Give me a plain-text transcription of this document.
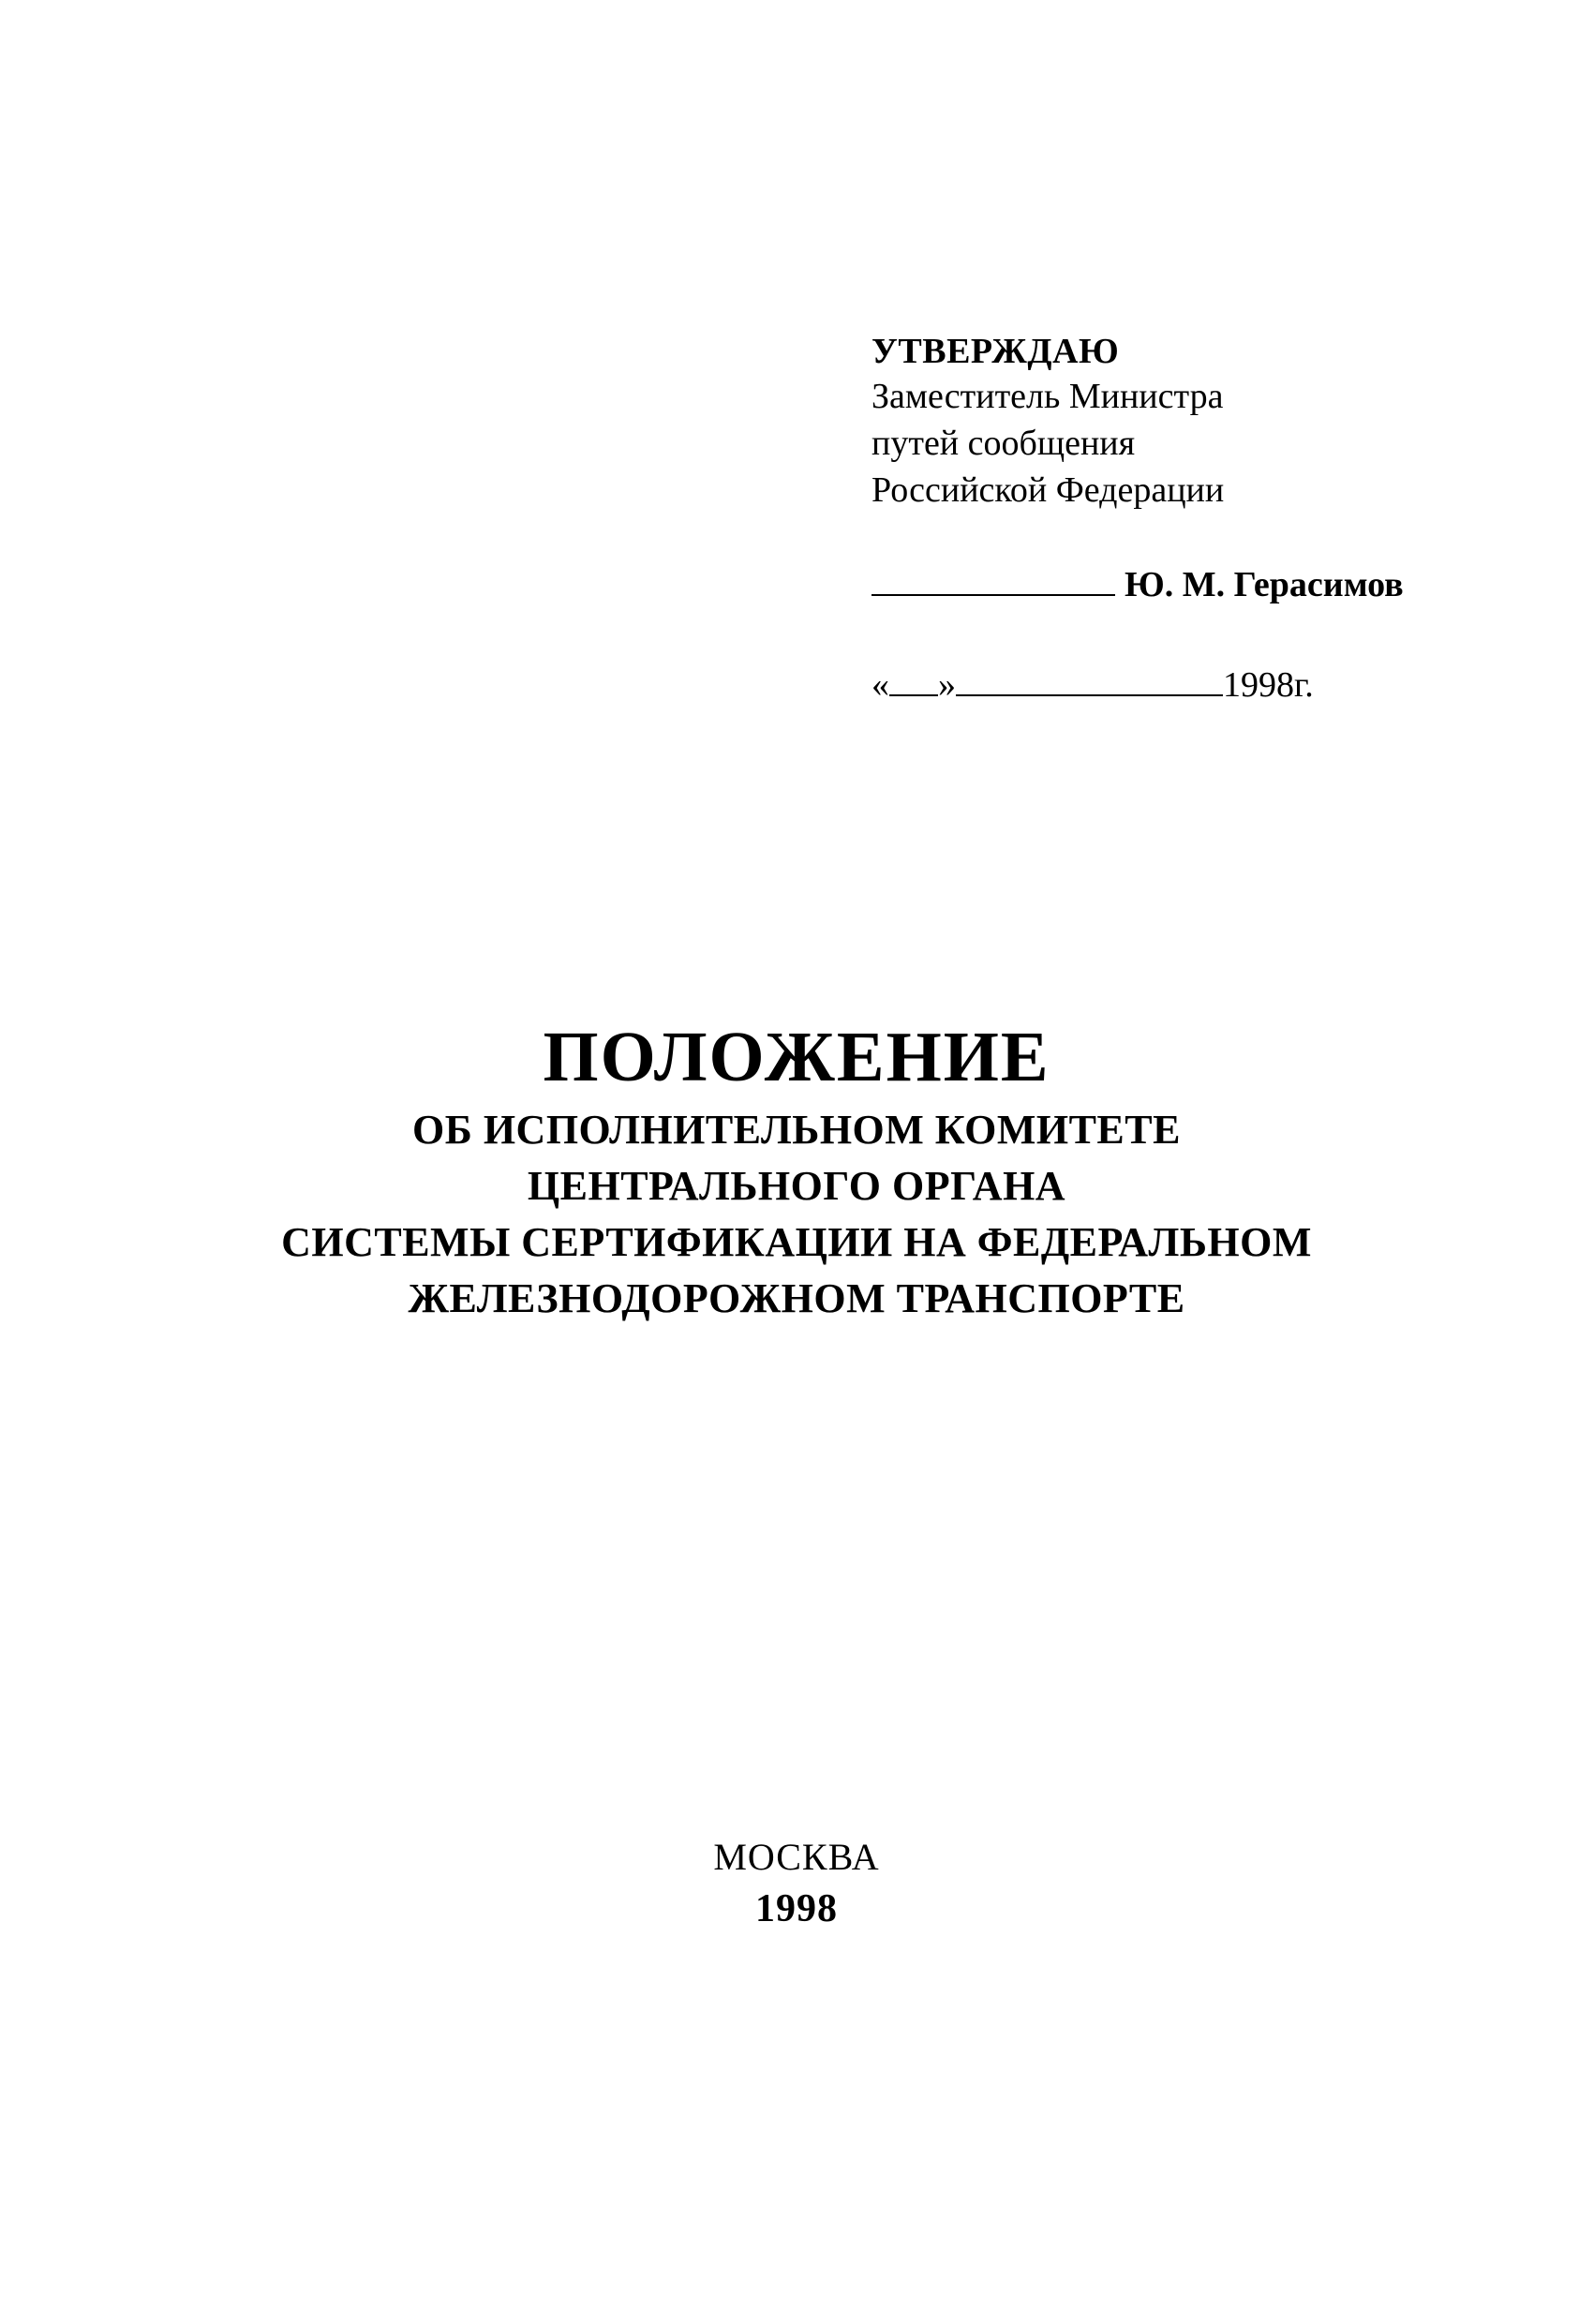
УТВЕРЖДАЮ
Заместитель Министра
путей сообщения
Российской Федерации
Ю. М. Герасимов
« »	1998г.
ПОЛОЖЕНИЕ
ОБ ИСПОЛНИТЕЛЬНОМ КОМИТЕТЕ
ЦЕНТРАЛЬНОГО ОРГАНА
СИСТЕМЫ СЕРТИФИКАЦИИ НА ФЕДЕРАЛЬНОМ
ЖЕЛЕЗНОДОРОЖНОМ ТРАНСПОРТЕ
МОСКВА
1998
